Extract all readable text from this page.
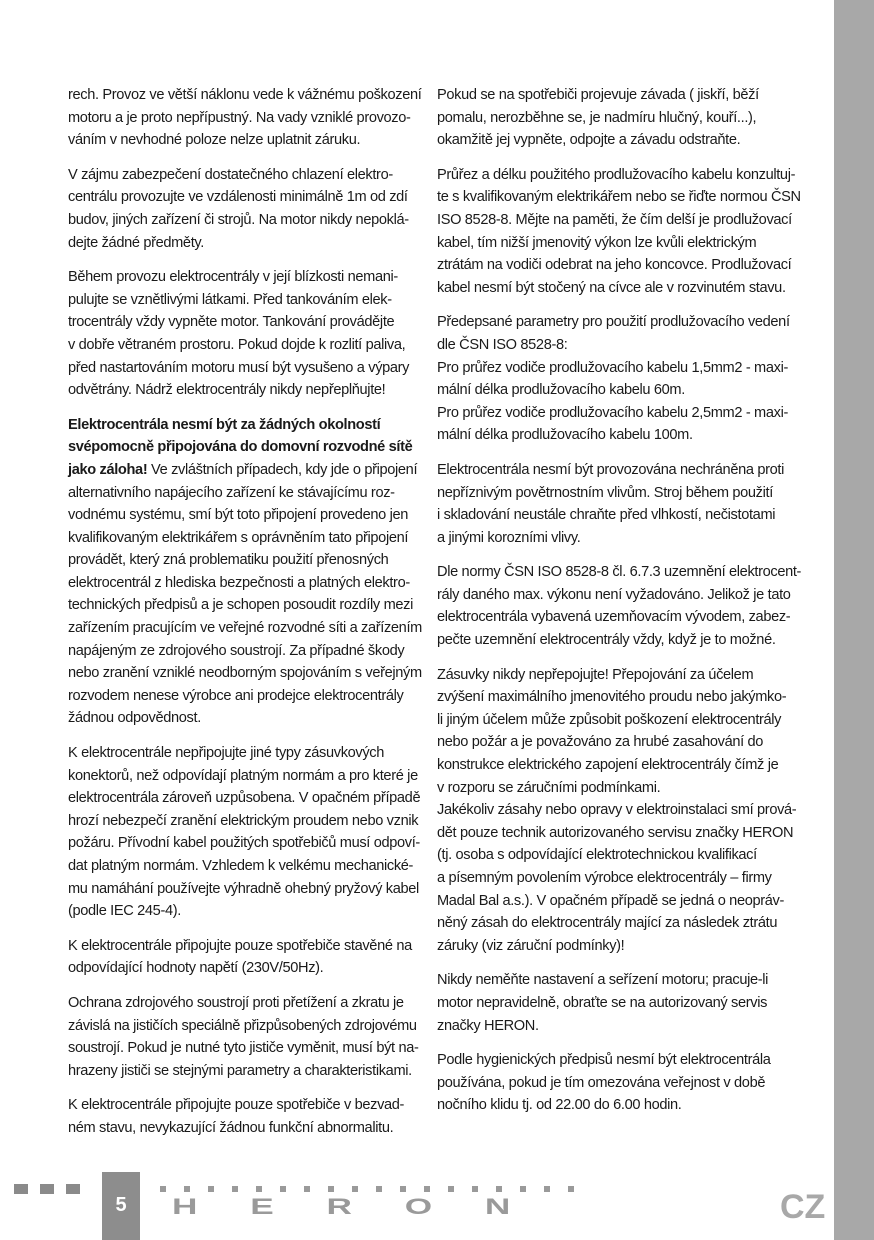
rech. Provoz ve větší náklonu vede k vážnému poškození
motoru a je proto nepřípustný. Na vady vzniklé provozo-
váním v nevhodné poloze nelze uplatnit záruku.

V zájmu zabezpečení dostatečného chlazení elektro-
centrálu provozujte ve vzdálenosti minimálně 1m od zdí
budov, jiných zařízení či strojů. Na motor nikdy nepoklá-
dejte žádné předměty.

Během provozu elektrocentrály v její blízkosti nemani-
pulujte se vznětlivými látkami. Před tankováním elek-
trocentrály vždy vypněte motor. Tankování provádějte
v dobře větraném prostoru. Pokud dojde k rozlití paliva,
před nastartováním motoru musí být vysušeno a výpary
odvětrány. Nádrž elektrocentrály nikdy nepřeplňujte!

Elektrocentrála nesmí být za žádných okolností
svépomocně připojována do domovní rozvodné sítě
jako záloha! Ve zvláštních případech, kdy jde o připojení
alternativního napájecího zařízení ke stávajícímu roz-
vodnému systému, smí být toto připojení provedeno jen
kvalifikovaným elektrikářem s oprávněním tato připojení
provádět, který zná problematiku použití přenosných
elektrocentrál z hlediska bezpečnosti a platných elektro-
technických předpisů a je schopen posoudit rozdíly mezi
zařízením pracujícím ve veřejné rozvodné síti a zařízením
napájeným ze zdrojového soustrojí. Za případné škody
nebo zranění vzniklé neodborným spojováním s veřejným
rozvodem nenese výrobce ani prodejce elektrocentrály
žádnou odpovědnost.

K elektrocentrále nepřipojujte jiné typy zásuvkových
konektorů, než odpovídají platným normám a pro které je
elektrocentrála zároveň uzpůsobena. V opačném případě
hrozí nebezpečí zranění elektrickým proudem nebo vznik
požáru. Přívodní kabel použitých spotřebičů musí odpoví-
dat platným normám. Vzhledem k velkému mechanické-
mu namáhání používejte výhradně ohebný pryžový kabel
(podle IEC 245-4).

K elektrocentrále připojujte pouze spotřebiče stavěné na
odpovídající hodnoty napětí (230V/50Hz).

Ochrana zdrojového soustrojí proti přetížení a zkratu je
závislá na jističích speciálně přizpůsobených zdrojovému
soustrojí. Pokud je nutné tyto jističe vyměnit, musí být na-
hrazeny jističi se stejnými parametry a charakteristikami.

K elektrocentrále připojujte pouze spotřebiče v bezvad-
ném stavu, nevykazující žádnou funkční abnormalitu.

Pokud se na spotřebiči projevuje závada ( jiskří, běží
pomalu, nerozběhne se, je nadmíru hlučný, kouří...),
okamžitě jej vypněte, odpojte a závadu odstraňte.

Průřez a délku použitého prodlužovacího kabelu konzultuj-
te s kvalifikovaným elektrikářem nebo se řiďte normou ČSN
ISO 8528-8. Mějte na paměti, že čím delší je prodlužovací
kabel, tím nižší jmenovitý výkon lze kvůli elektrickým
ztrátám na vodiči odebrat na jeho koncovce. Prodlužovací
kabel nesmí být stočený na cívce ale v rozvinutém stavu.

Předepsané parametry pro použití prodlužovacího vedení
dle ČSN ISO 8528-8:
Pro průřez vodiče prodlužovacího kabelu 1,5mm2 - maxi-
mální délka prodlužovacího kabelu 60m.
Pro průřez vodiče prodlužovacího kabelu 2,5mm2 - maxi-
mální délka prodlužovacího kabelu 100m.

Elektrocentrála nesmí být provozována nechráněna proti
nepříznivým povětrnostním vlivům. Stroj během použití
i skladování neustále chraňte před vlhkostí, nečistotami
a jinými korozními vlivy.

Dle normy ČSN ISO 8528-8 čl. 6.7.3 uzemnění elektrocent-
rály daného max. výkonu není vyžadováno. Jelikož je tato
elektrocentrála vybavená uzemňovacím vývodem, zabez-
pečte uzemnění elektrocentrály vždy, když je to možné.

Zásuvky nikdy nepřepojujte! Přepojování za účelem
zvýšení maximálního jmenovitého proudu nebo jakýmko-
li jiným účelem může způsobit poškození elektrocentrály
nebo požár a je považováno za hrubé zasahování do
konstrukce elektrického zapojení elektrocentrály čímž je
v rozporu se záručními podmínkami.
Jakékoliv zásahy nebo opravy v elektroinstalaci smí prová-
dět pouze technik autorizovaného servisu značky HERON
(tj. osoba s odpovídající elektrotechnickou kvalifikací
a písemným povolením výrobce elektrocentrály – firmy
Madal Bal a.s.). V opačném případě se jedná o neopráv-
něný zásah do elektrocentrály mající za následek ztrátu
záruky (viz záruční podmínky)!

Nikdy neměňte nastavení a seřízení motoru; pracuje-li
motor nepravidelně, obraťte se na autorizovaný servis
značky HERON.

Podle hygienických předpisů nesmí být elektrocentrála
používána, pokud je tím omezována veřejnost v době
nočního klidu tj. od 22.00 do 6.00 hodin.

5	HERON	CZ
